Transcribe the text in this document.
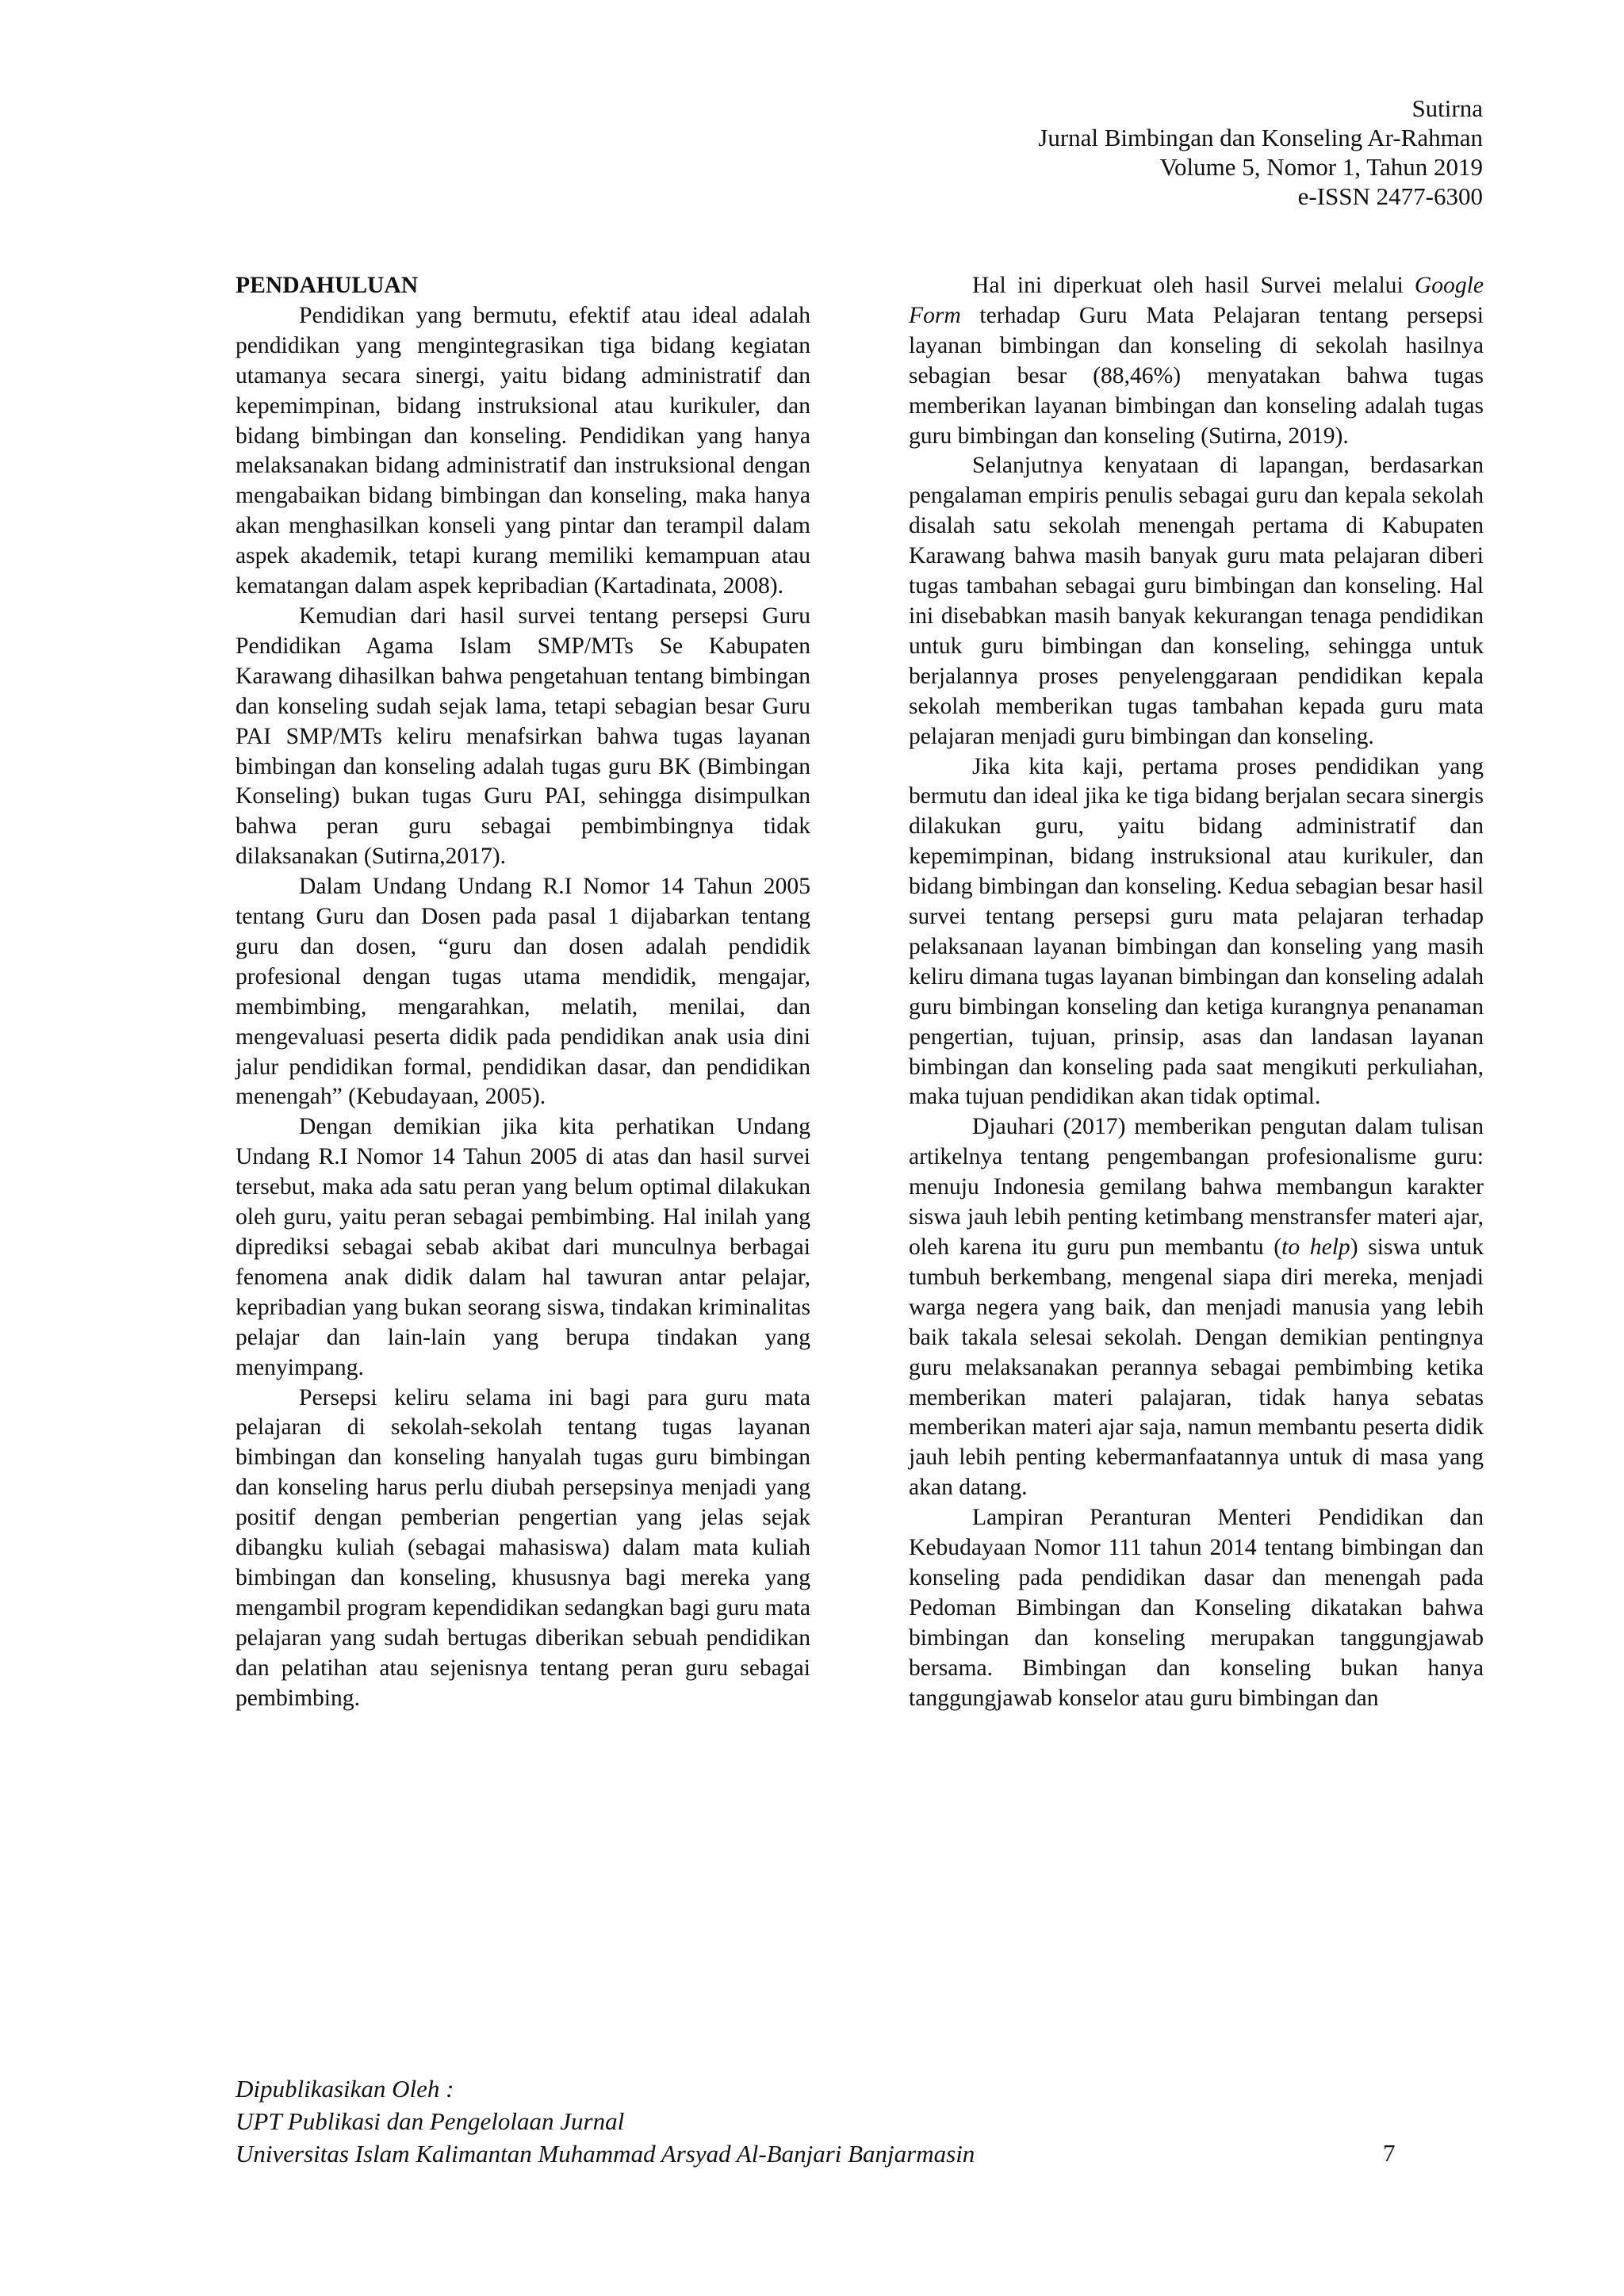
Sutirna
Jurnal Bimbingan dan Konseling Ar-Rahman
Volume 5, Nomor 1, Tahun 2019
e-ISSN 2477-6300
PENDAHULUAN

Pendidikan yang bermutu, efektif atau ideal adalah pendidikan yang mengintegrasikan tiga bidang kegiatan utamanya secara sinergi, yaitu bidang administratif dan kepemimpinan, bidang instruksional atau kurikuler, dan bidang bimbingan dan konseling. Pendidikan yang hanya melaksanakan bidang administratif dan instruksional dengan mengabaikan bidang bimbingan dan konseling, maka hanya akan menghasilkan konseli yang pintar dan terampil dalam aspek akademik, tetapi kurang memiliki kemampuan atau kematangan dalam aspek kepribadian (Kartadinata, 2008).

Kemudian dari hasil survei tentang persepsi Guru Pendidikan Agama Islam SMP/MTs Se Kabupaten Karawang dihasilkan bahwa pengetahuan tentang bimbingan dan konseling sudah sejak lama, tetapi sebagian besar Guru PAI SMP/MTs keliru menafsirkan bahwa tugas layanan bimbingan dan konseling adalah tugas guru BK (Bimbingan Konseling) bukan tugas Guru PAI, sehingga disimpulkan bahwa peran guru sebagai pembimbingnya tidak dilaksanakan (Sutirna,2017).

Dalam Undang Undang R.I Nomor 14 Tahun 2005 tentang Guru dan Dosen pada pasal 1 dijabarkan tentang guru dan dosen, “guru dan dosen adalah pendidik profesional dengan tugas utama mendidik, mengajar, membimbing, mengarahkan, melatih, menilai, dan mengevaluasi peserta didik pada pendidikan anak usia dini jalur pendidikan formal, pendidikan dasar, dan pendidikan menengah” (Kebudayaan, 2005).

Dengan demikian jika kita perhatikan Undang Undang R.I Nomor 14 Tahun 2005 di atas dan hasil survei tersebut, maka ada satu peran yang belum optimal dilakukan oleh guru, yaitu peran sebagai pembimbing. Hal inilah yang diprediksi sebagai sebab akibat dari munculnya berbagai fenomena anak didik dalam hal tawuran antar pelajar, kepribadian yang bukan seorang siswa, tindakan kriminalitas pelajar dan lain-lain yang berupa tindakan yang menyimpang.

Persepsi keliru selama ini bagi para guru mata pelajaran di sekolah-sekolah tentang tugas layanan bimbingan dan konseling hanyalah tugas guru bimbingan dan konseling harus perlu diubah persepsinya menjadi yang positif dengan pemberian pengertian yang jelas sejak dibangku kuliah (sebagai mahasiswa) dalam mata kuliah bimbingan dan konseling, khususnya bagi mereka yang mengambil program kependidikan sedangkan bagi guru mata pelajaran yang sudah bertugas diberikan sebuah pendidikan dan pelatihan atau sejenisnya tentang peran guru sebagai pembimbing.

Hal ini diperkuat oleh hasil Survei melalui Google Form terhadap Guru Mata Pelajaran tentang persepsi layanan bimbingan dan konseling di sekolah hasilnya sebagian besar (88,46%) menyatakan bahwa tugas memberikan layanan bimbingan dan konseling adalah tugas guru bimbingan dan konseling (Sutirna, 2019).

Selanjutnya kenyataan di lapangan, berdasarkan pengalaman empiris penulis sebagai guru dan kepala sekolah disalah satu sekolah menengah pertama di Kabupaten Karawang bahwa masih banyak guru mata pelajaran diberi tugas tambahan sebagai guru bimbingan dan konseling. Hal ini disebabkan masih banyak kekurangan tenaga pendidikan untuk guru bimbingan dan konseling, sehingga untuk berjalannya proses penyelenggaraan pendidikan kepala sekolah memberikan tugas tambahan kepada guru mata pelajaran menjadi guru bimbingan dan konseling.

Jika kita kaji, pertama proses pendidikan yang bermutu dan ideal jika ke tiga bidang berjalan secara sinergis dilakukan guru, yaitu bidang administratif dan kepemimpinan, bidang instruksional atau kurikuler, dan bidang bimbingan dan konseling. Kedua sebagian besar hasil survei tentang persepsi guru mata pelajaran terhadap pelaksanaan layanan bimbingan dan konseling yang masih keliru dimana tugas layanan bimbingan dan konseling adalah guru bimbingan konseling dan ketiga kurangnya penanaman pengertian, tujuan, prinsip, asas dan landasan layanan bimbingan dan konseling pada saat mengikuti perkuliahan, maka tujuan pendidikan akan tidak optimal.

Djauhari (2017) memberikan pengutan dalam tulisan artikelnya tentang pengembangan profesionalisme guru: menuju Indonesia gemilang bahwa membangun karakter siswa jauh lebih penting ketimbang menstransfer materi ajar, oleh karena itu guru pun membantu (to help) siswa untuk tumbuh berkembang, mengenal siapa diri mereka, menjadi warga negera yang baik, dan menjadi manusia yang lebih baik takala selesai sekolah. Dengan demikian pentingnya guru melaksanakan perannya sebagai pembimbing ketika memberikan materi palajaran, tidak hanya sebatas memberikan materi ajar saja, namun membantu peserta didik jauh lebih penting kebermanfaatannya untuk di masa yang akan datang.

Lampiran Peranturan Menteri Pendidikan dan Kebudayaan Nomor 111 tahun 2014 tentang bimbingan dan konseling pada pendidikan dasar dan menengah pada Pedoman Bimbingan dan Konseling dikatakan bahwa bimbingan dan konseling merupakan tanggungjawab bersama. Bimbingan dan konseling bukan hanya tanggungjawab konselor atau guru bimbingan dan

Dipublikasikan Oleh :
UPT Publikasi dan Pengelolaan Jurnal
Universitas Islam Kalimantan Muhammad Arsyad Al-Banjari Banjarmasin	7
